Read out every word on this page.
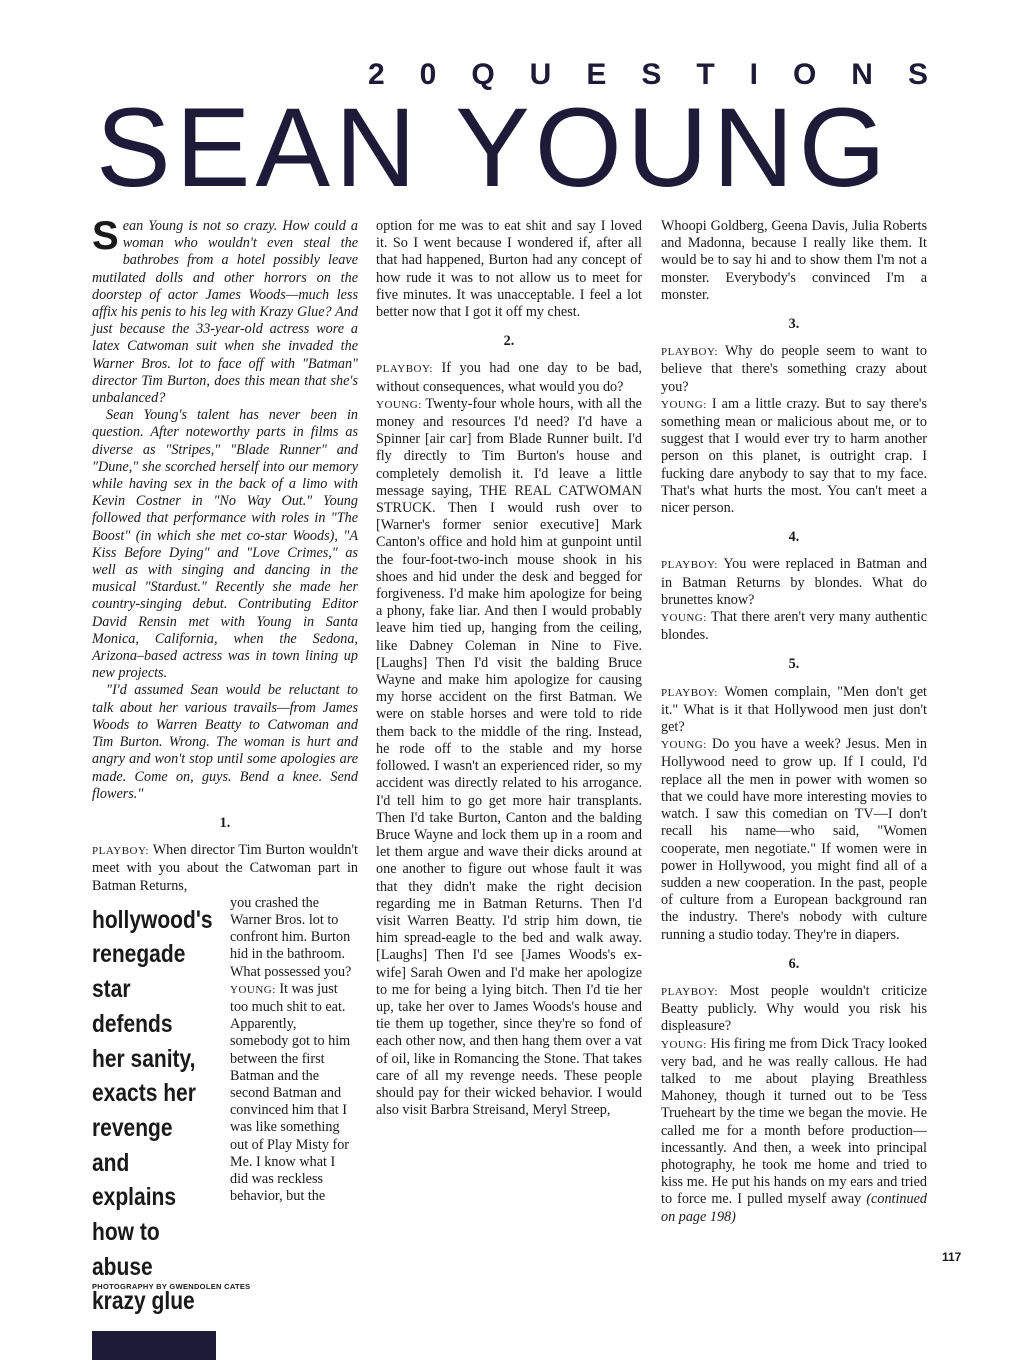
2 0 Q U E S T I O N S
SEAN YOUNG

Sean Young is not so crazy. How could a woman who wouldn't even steal the bathrobes from a hotel possibly leave mutilated dolls and other horrors on the doorstep of actor James Woods—much less affix his penis to his leg with Krazy Glue? And just because the 33-year-old actress wore a latex Catwoman suit when she invaded the Warner Bros. lot to face off with "Batman" director Tim Burton, does this mean that she's unbalanced?

Sean Young's talent has never been in question. After noteworthy parts in films as diverse as "Stripes," "Blade Runner" and "Dune," she scorched herself into our memory while having sex in the back of a limo with Kevin Costner in "No Way Out." Young followed that performance with roles in "The Boost" (in which she met co-star Woods), "A Kiss Before Dying" and "Love Crimes," as well as with singing and dancing in the musical "Stardust." Recently she made her country-singing debut. Contributing Editor David Rensin met with Young in Santa Monica, California, when the Sedona, Arizona–based actress was in town lining up new projects.

"I'd assumed Sean would be reluctant to talk about her various travails—from James Woods to Warren Beatty to Catwoman and Tim Burton. Wrong. The woman is hurt and angry and won't stop until some apologies are made. Come on, guys. Bend a knee. Send flowers."

1.

PLAYBOY: When director Tim Burton wouldn't meet with you about the Catwoman part in Batman Returns,

hollywood's renegade star defends her sanity, exacts her revenge and explains how to abuse krazy glue

you crashed the Warner Bros. lot to confront him. Burton hid in the bathroom. What possessed you?

YOUNG: It was just too much shit to eat. Apparently, somebody got to him between the first Batman and the second Batman and convinced him that I was like something out of Play Misty for Me. I know what I did was reckless behavior, but the

option for me was to eat shit and say I loved it. So I went because I wondered if, after all that had happened, Burton had any concept of how rude it was to not allow us to meet for five minutes. It was unacceptable. I feel a lot better now that I got it off my chest.

2.

PLAYBOY: If you had one day to be bad, without consequences, what would you do?

YOUNG: Twenty-four whole hours, with all the money and resources I'd need? I'd have a Spinner [air car] from Blade Runner built. I'd fly directly to Tim Burton's house and completely demolish it. I'd leave a little message saying, THE REAL CATWOMAN STRUCK. Then I would rush over to [Warner's former senior executive] Mark Canton's office and hold him at gunpoint until the four-foot-two-inch mouse shook in his shoes and hid under the desk and begged for forgiveness. I'd make him apologize for being a phony, fake liar. And then I would probably leave him tied up, hanging from the ceiling, like Dabney Coleman in Nine to Five. [Laughs] Then I'd visit the balding Bruce Wayne and make him apologize for causing my horse accident on the first Batman. We were on stable horses and were told to ride them back to the middle of the ring. Instead, he rode off to the stable and my horse followed. I wasn't an experienced rider, so my accident was directly related to his arrogance. I'd tell him to go get more hair transplants. Then I'd take Burton, Canton and the balding Bruce Wayne and lock them up in a room and let them argue and wave their dicks around at one another to figure out whose fault it was that they didn't make the right decision regarding me in Batman Returns. Then I'd visit Warren Beatty. I'd strip him down, tie him spread-eagle to the bed and walk away. [Laughs] Then I'd see [James Woods's ex-wife] Sarah Owen and I'd make her apologize to me for being a lying bitch. Then I'd tie her up, take her over to James Woods's house and tie them up together, since they're so fond of each other now, and then hang them over a vat of oil, like in Romancing the Stone. That takes care of all my revenge needs. These people should pay for their wicked behavior. I would also visit Barbra Streisand, Meryl Streep,

Whoopi Goldberg, Geena Davis, Julia Roberts and Madonna, because I really like them. It would be to say hi and to show them I'm not a monster. Everybody's convinced I'm a monster.

3.

PLAYBOY: Why do people seem to want to believe that there's something crazy about you?

YOUNG: I am a little crazy. But to say there's something mean or malicious about me, or to suggest that I would ever try to harm another person on this planet, is outright crap. I fucking dare anybody to say that to my face. That's what hurts the most. You can't meet a nicer person.

4.

PLAYBOY: You were replaced in Batman and in Batman Returns by blondes. What do brunettes know?

YOUNG: That there aren't very many authentic blondes.

5.

PLAYBOY: Women complain, "Men don't get it." What is it that Hollywood men just don't get?

YOUNG: Do you have a week? Jesus. Men in Hollywood need to grow up. If I could, I'd replace all the men in power with women so that we could have more interesting movies to watch. I saw this comedian on TV—I don't recall his name—who said, "Women cooperate, men negotiate." If women were in power in Hollywood, you might find all of a sudden a new cooperation. In the past, people of culture from a European background ran the industry. There's nobody with culture running a studio today. They're in diapers.

6.

PLAYBOY: Most people wouldn't criticize Beatty publicly. Why would you risk his displeasure?

YOUNG: His firing me from Dick Tracy looked very bad, and he was really callous. He had talked to me about playing Breathless Mahoney, though it turned out to be Tess Trueheart by the time we began the movie. He called me for a month before production—incessantly. And then, a week into principal photography, he took me home and tried to kiss me. He put his hands on my ears and tried to force me. I pulled myself away (continued on page 198)

117
PHOTOGRAPHY BY GWENDOLEN CATES
